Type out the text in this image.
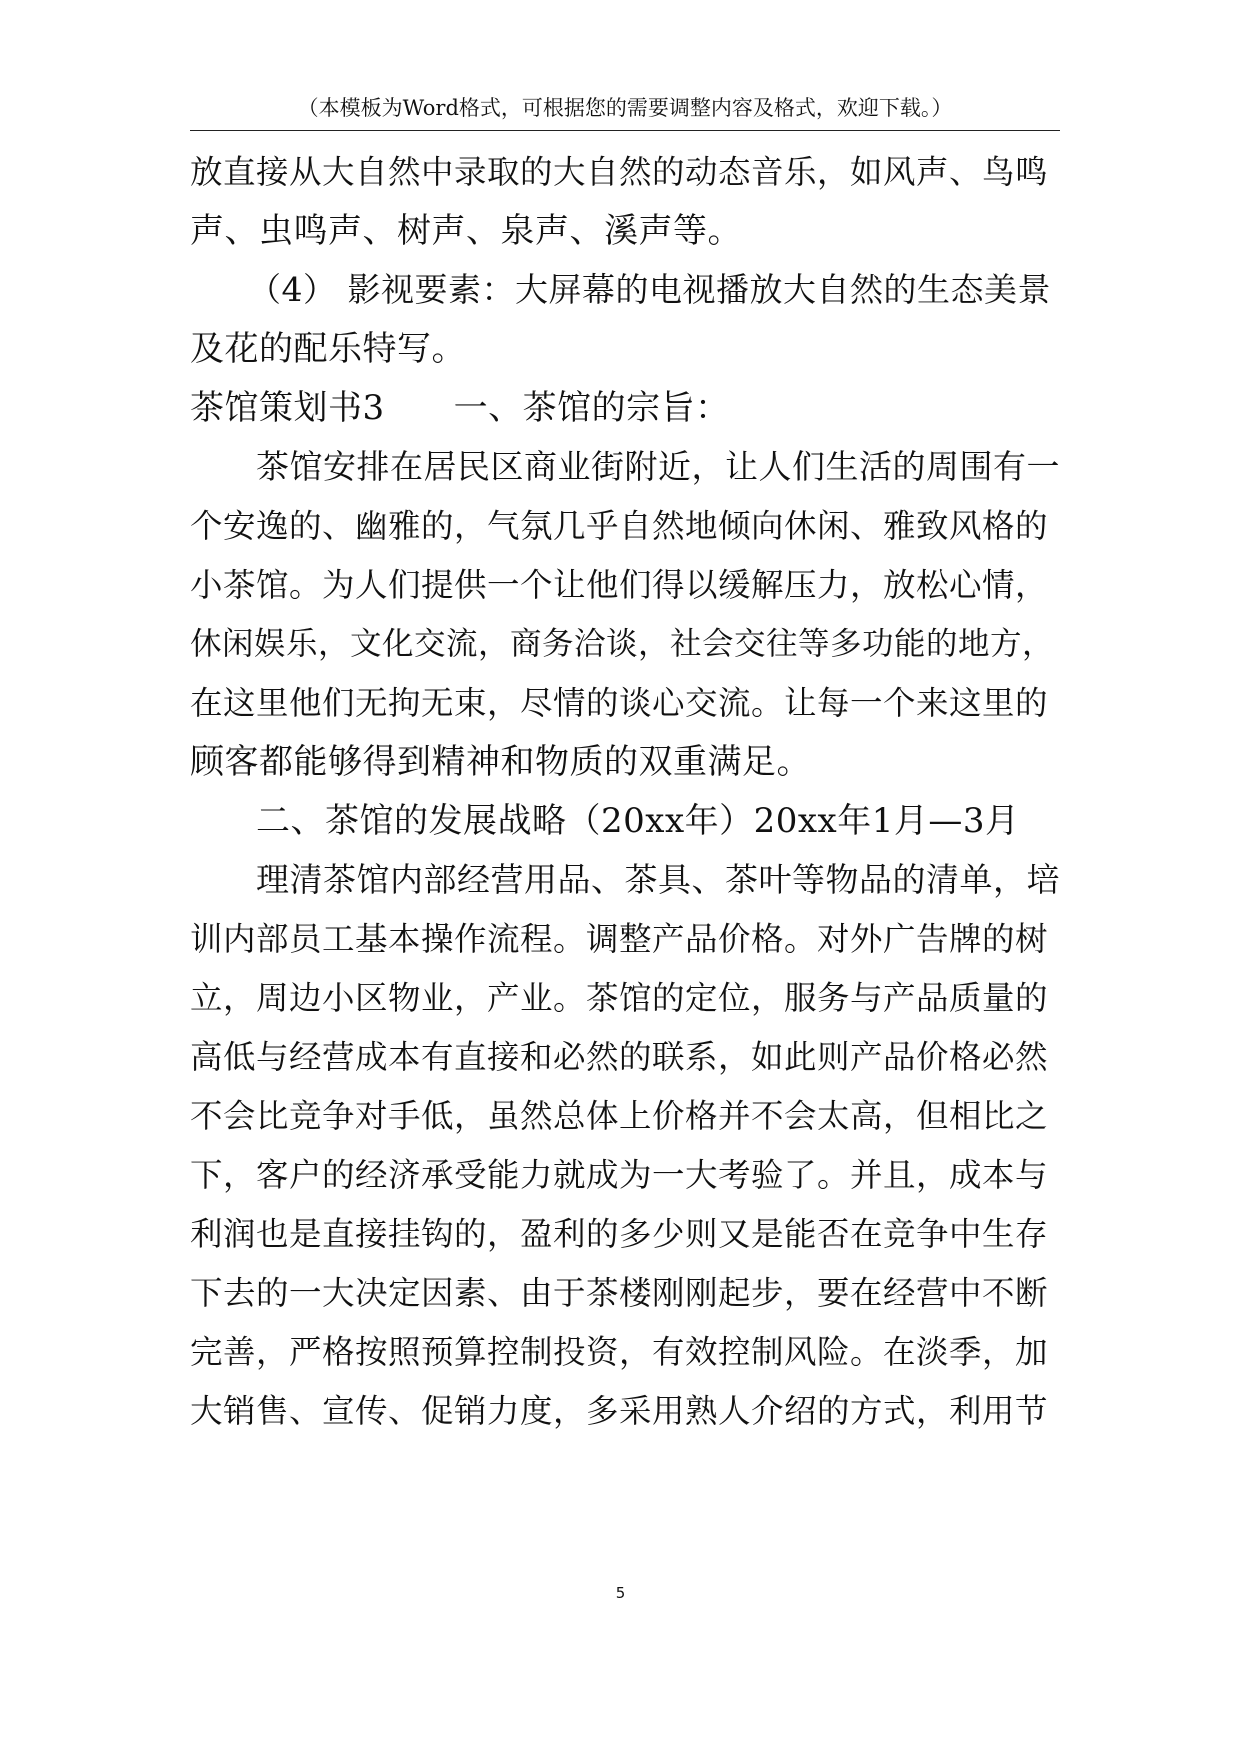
（本模板为Word格式，可根据您的需要调整内容及格式，欢迎下载。）
放直接从大自然中录取的大自然的动态音乐，如风声、鸟鸣
声、虫鸣声、树声、泉声、溪声等。
（4） 影视要素：大屏幕的电视播放大自然的生态美景
及花的配乐特写。
茶馆策划书3　　一、茶馆的宗旨：
茶馆安排在居民区商业街附近，让人们生活的周围有一
个安逸的、幽雅的，气氛几乎自然地倾向休闲、雅致风格的
小茶馆。为人们提供一个让他们得以缓解压力，放松心情，
休闲娱乐，文化交流，商务洽谈，社会交往等多功能的地方，
在这里他们无拘无束，尽情的谈心交流。让每一个来这里的
顾客都能够得到精神和物质的双重满足。
二、茶馆的发展战略（20xx年）20xx年1月—3月
理清茶馆内部经营用品、茶具、茶叶等物品的清单，培
训内部员工基本操作流程。调整产品价格。对外广告牌的树
立，周边小区物业，产业。茶馆的定位，服务与产品质量的
高低与经营成本有直接和必然的联系，如此则产品价格必然
不会比竞争对手低，虽然总体上价格并不会太高，但相比之
下，客户的经济承受能力就成为一大考验了。并且，成本与
利润也是直接挂钩的，盈利的多少则又是能否在竞争中生存
下去的一大决定因素、由于茶楼刚刚起步，要在经营中不断
完善，严格按照预算控制投资，有效控制风险。在淡季，加
大销售、宣传、促销力度，多采用熟人介绍的方式，利用节
5
